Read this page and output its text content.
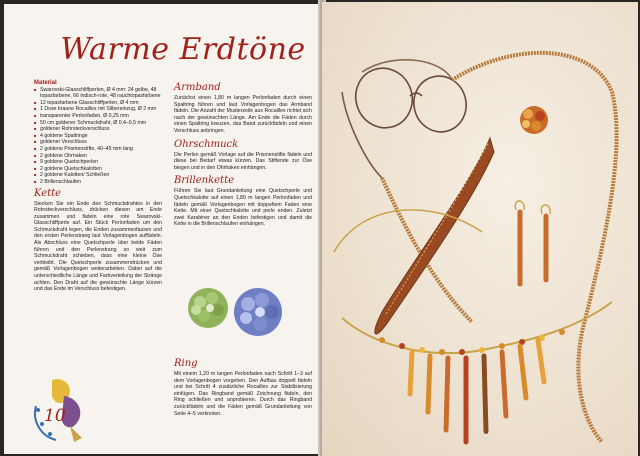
Warme Erdtöne
Material
■ Swarovski-Glasschliffperlen, Ø 4 mm: 24 gelbe, 48 topasfarbene, 66 indisch-rote, 48 rauchtopasfarbene
■ 12 topasfarbene Glasschliffperlen, Ø 4 mm
■ 1 Dose braune Rocailles mit Silbereinzug, Ø 2 mm
■ transparenter Perlonfaden, Ø 0,25 mm
■ 50 cm goldener Schmuckdraht, Ø 0,4–0,5 mm
■ goldener Rohrsteckverschluss
■ 4 goldene Spaltringe
■ goldener Verschluss
■ 2 goldene Prismenstifte, 40–45 mm lang
■ 2 goldene Ohrhaken
■ 9 goldene Quetschperlen
■ 2 goldene Quetschkalotten
■ 2 goldene Kalotten/ Schließen
■ 2 Brillenschlaufen
Kette

Stecken Sie ein Ende des Schmuckdrahtes in den Rohrsteckverschluss, drücken diesen am Ende zusammen und fädeln eine rote Swarovski-Glasschliffperle auf. Ein Stück Perlonfaden um den Schmuckdraht legen, die Enden zusammenfassen und den ersten Perlenstrang laut Vorlagenbogen auffädeln. Als Abschluss eine Quetschperle über beide Fäden führen und den Perlenstrang so weit zum Schmuckdraht schieben, dass eine kleine Öse verbleibt. Die Quetschperle zusammendrücken und gemäß Vorlagenbogen weiterarbeiten. Dabei auf die unterschiedliche Länge und Farbverteilung der Stränge achten. Den Draht auf die gewünschte Länge kürzen und das Ende im Verschluss befestigen.

Armband

Zunächst einen 1,80 m langen Perlonfaden durch einen Spaltring führen und laut Vorlagenbogen das Armband fädeln. Die Anzahl der Musterzeile aus Rocailles richtet sich nach der gewünschten Länge. Am Ende die Fäden durch einen Spaltring kreuzen, das Band zurückfädeln und einen Verschluss anbringen.

Ohrschmuck

Die Perlen gemäß Vorlage auf die Prismenstifte fädeln und diese bei Bedarf etwas kürzen. Das Stiftende zur Öse biegen und in den Ohrhaken einhängen.

Brillenkette

Führen Sie laut Grundanleitung eine Quetschperle und Quetschkalotte auf einen 1,80 m langen Perlonfaden und fädeln gemäß Vorlagenbogen mit doppeltem Faden eine Kette. Mit einer Quetschkalotte und perle enden. Zuletzt zwei Karabiner an den Enden befestigen und damit die Kette in die Brillenschlaufen einhängen.

Ring

Mit einem 1,20 m langen Perlonfaden nach Schritt 1–3 auf dem Vorlagenbogen vorgehen. Den Aufbau doppelt fädeln und bei Schritt 4 zusätzliche Rocailles zur Stabilisierung einfügen. Das Ringband gemäß Zeichnung fädeln, den Ring schließen und anprobieren. Durch das Ringband zurückfädeln und die Fäden gemäß Grundanleitung von Seite 4–5 verknoten.

10
